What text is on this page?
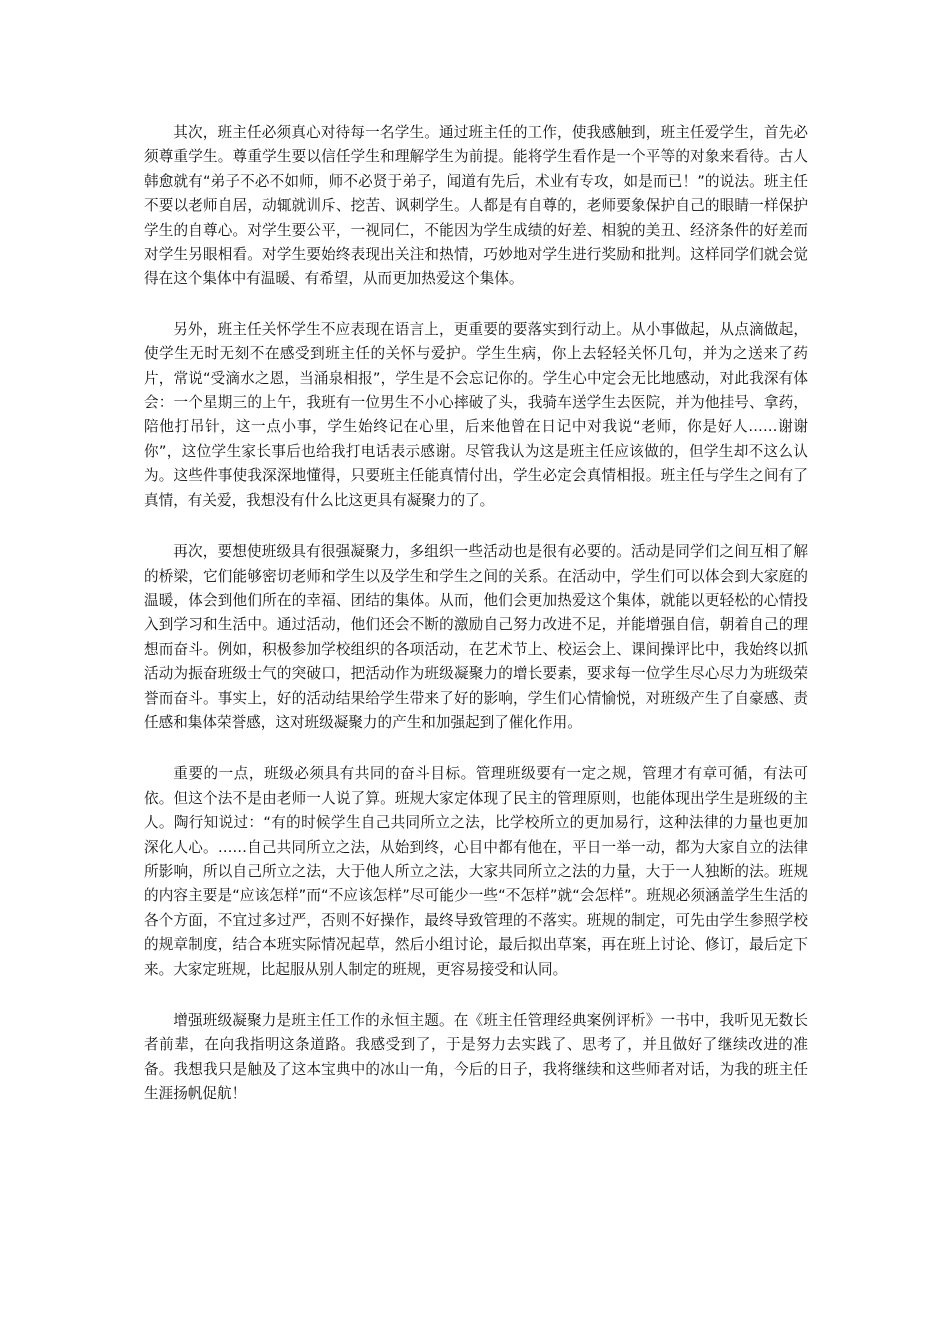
其次，班主任必须真心对待每一名学生。通过班主任的工作，使我感触到，班主任爱学生，首先必须尊重学生。尊重学生要以信任学生和理解学生为前提。能将学生看作是一个平等的对象来看待。古人韩愈就有“弟子不必不如师，师不必贤于弟子，闻道有先后，术业有专攻，如是而已！”的说法。班主任不要以老师自居，动辄就训斥、挖苦、讽刺学生。人都是有自尊的，老师要象保护自己的眼睛一样保护学生的自尊心。对学生要公平，一视同仁，不能因为学生成绩的好差、相貌的美丑、经济条件的好差而对学生另眼相看。对学生要始终表现出关注和热情，巧妙地对学生进行奖励和批判。这样同学们就会觉得在这个集体中有温暖、有希望，从而更加热爱这个集体。

另外，班主任关怀学生不应表现在语言上，更重要的要落实到行动上。从小事做起，从点滴做起，使学生无时无刻不在感受到班主任的关怀与爱护。学生生病，你上去轻轻关怀几句，并为之送来了药片，常说“受滴水之恩，当涌泉相报”，学生是不会忘记你的。学生心中定会无比地感动，对此我深有体会：一个星期三的上午，我班有一位男生不小心摔破了头，我骑车送学生去医院，并为他挂号、拿药，陪他打吊针，这一点小事，学生始终记在心里，后来他曾在日记中对我说“老师，你是好人……谢谢你”，这位学生家长事后也给我打电话表示感谢。尽管我认为这是班主任应该做的，但学生却不这么认为。这些件事使我深深地懂得，只要班主任能真情付出，学生必定会真情相报。班主任与学生之间有了真情，有关爱，我想没有什么比这更具有凝聚力的了。

再次，要想使班级具有很强凝聚力，多组织一些活动也是很有必要的。活动是同学们之间互相了解的桥梁，它们能够密切老师和学生以及学生和学生之间的关系。在活动中，学生们可以体会到大家庭的温暖，体会到他们所在的幸福、团结的集体。从而，他们会更加热爱这个集体，就能以更轻松的心情投入到学习和生活中。通过活动，他们还会不断的激励自己努力改进不足，并能增强自信，朝着自己的理想而奋斗。例如，积极参加学校组织的各项活动，在艺术节上、校运会上、课间操评比中，我始终以抓活动为振奋班级士气的突破口，把活动作为班级凝聚力的增长要素，要求每一位学生尽心尽力为班级荣誉而奋斗。事实上，好的活动结果给学生带来了好的影响，学生们心情愉悦，对班级产生了自豪感、责任感和集体荣誉感，这对班级凝聚力的产生和加强起到了催化作用。

重要的一点，班级必须具有共同的奋斗目标。管理班级要有一定之规，管理才有章可循，有法可依。但这个法不是由老师一人说了算。班规大家定体现了民主的管理原则，也能体现出学生是班级的主人。陶行知说过：“有的时候学生自己共同所立之法，比学校所立的更加易行，这种法律的力量也更加深化人心。……自己共同所立之法，从始到终，心目中都有他在，平日一举一动，都为大家自立的法律所影响，所以自己所立之法，大于他人所立之法，大家共同所立之法的力量，大于一人独断的法。班规的内容主要是“应该怎样”而“不应该怎样”尽可能少一些“不怎样”就“会怎样”。班规必须涵盖学生生活的各个方面，不宜过多过严，否则不好操作，最终导致管理的不落实。班规的制定，可先由学生参照学校的规章制度，结合本班实际情况起草，然后小组讨论，最后拟出草案，再在班上讨论、修订，最后定下来。大家定班规，比起服从别人制定的班规，更容易接受和认同。

增强班级凝聚力是班主任工作的永恒主题。在《班主任管理经典案例评析》一书中，我听见无数长者前辈，在向我指明这条道路。我感受到了，于是努力去实践了、思考了，并且做好了继续改进的准备。我想我只是触及了这本宝典中的冰山一角，今后的日子，我将继续和这些师者对话，为我的班主任生涯扬帆促航！
